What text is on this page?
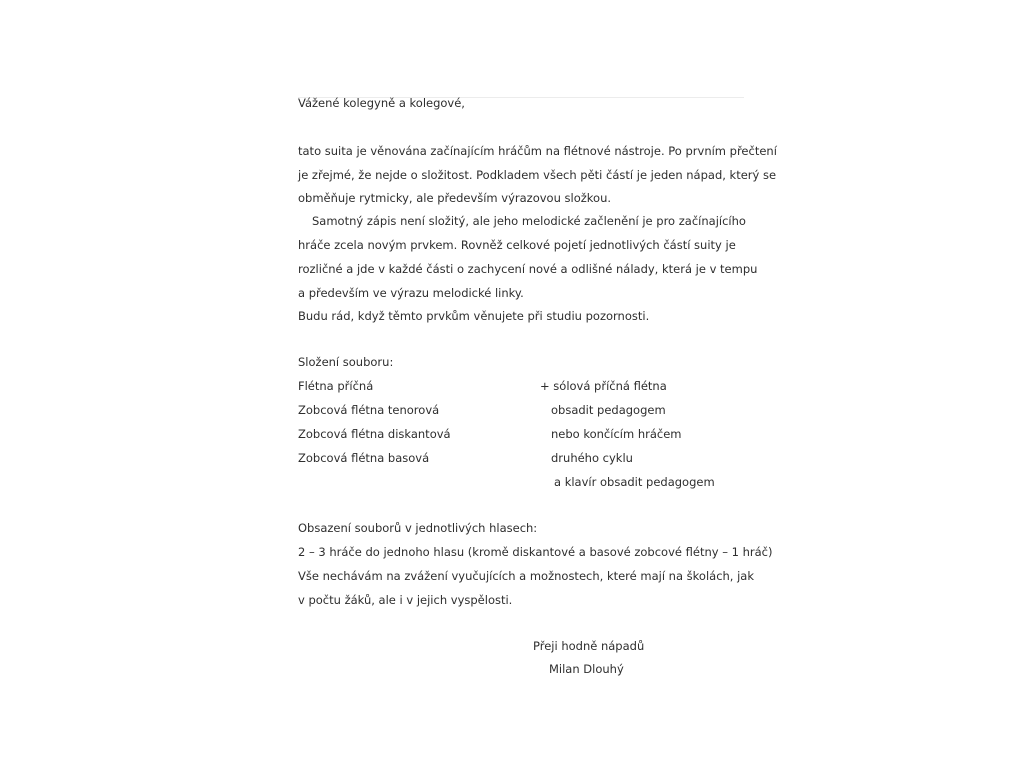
Vážené kolegyně a kolegové,
tato suita je věnována začínajícím hráčům na flétnové nástroje. Po prvním přečtení
je zřejmé, že nejde o složitost. Podkladem všech pěti částí je jeden nápad, který se
obměňuje rytmicky, ale především výrazovou složkou.
Samotný zápis není složitý, ale jeho melodické začlenění je pro začínajícího
hráče zcela novým prvkem. Rovněž celkové pojetí jednotlivých částí suity je
rozličné a jde v každé části o zachycení nové a odlišné nálady, která je v tempu
a především ve výrazu melodické linky.
Budu rád, když těmto prvkům věnujete při studiu pozornosti.
Složení souboru:
Flétna příčná
Zobcová flétna tenorová
Zobcová flétna diskantová
Zobcová flétna basová
+ sólová příčná flétna
obsadit pedagogem
nebo končícím hráčem
druhého cyklu
a klavír obsadit pedagogem
Obsazení souborů v jednotlivých hlasech:
2 – 3 hráče do jednoho hlasu (kromě diskantové a basové zobcové flétny – 1 hráč)
Vše nechávám na zvážení vyučujících a možnostech, které mají na školách, jak
v počtu žáků, ale i v jejich vyspělosti.
Přeji hodně nápadů
Milan Dlouhý
